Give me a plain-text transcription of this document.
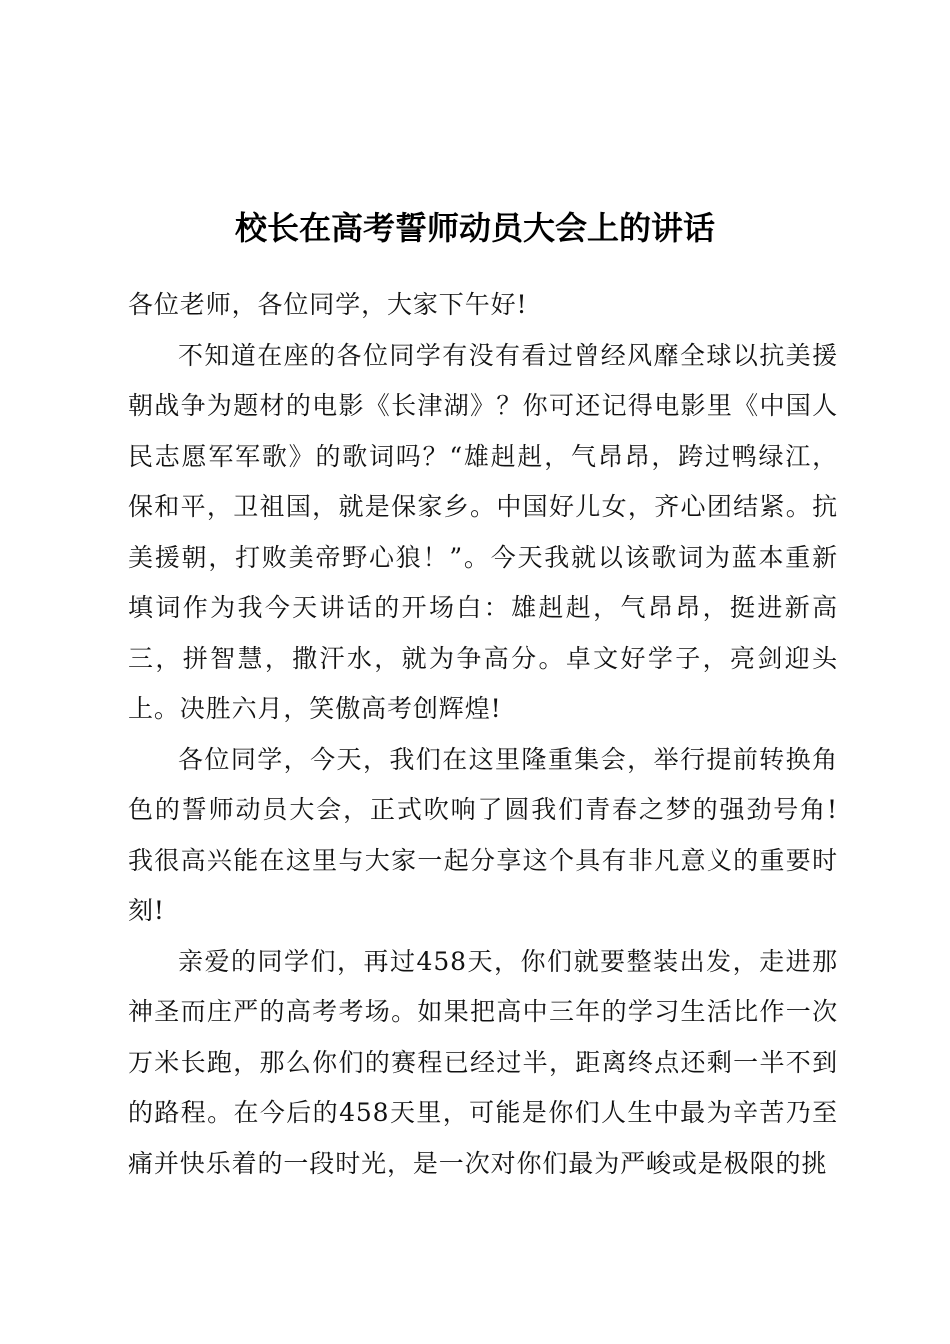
校长在高考誓师动员大会上的讲话

各位老师，各位同学，大家下午好!

不知道在座的各位同学有没有看过曾经风靡全球以抗美援朝战争为题材的电影《长津湖》？你可还记得电影里《中国人民志愿军军歌》的歌词吗？“雄赳赳，气昂昂，跨过鸭绿江，保和平，卫祖国，就是保家乡。中国好儿女，齐心团结紧。抗美援朝，打败美帝野心狼！”。今天我就以该歌词为蓝本重新填词作为我今天讲话的开场白：雄赳赳，气昂昂，挺进新高三，拼智慧，撒汗水，就为争高分。卓文好学子，亮剑迎头上。决胜六月，笑傲高考创辉煌!

各位同学，今天，我们在这里隆重集会，举行提前转换角色的誓师动员大会，正式吹响了圆我们青春之梦的强劲号角!我很高兴能在这里与大家一起分享这个具有非凡意义的重要时刻!

亲爱的同学们，再过458天，你们就要整装出发，走进那神圣而庄严的高考考场。如果把高中三年的学习生活比作一次万米长跑，那么你们的赛程已经过半，距离终点还剩一半不到的路程。在今后的458天里，可能是你们人生中最为辛苦乃至痛并快乐着的一段时光，是一次对你们最为严峻或是极限的挑
